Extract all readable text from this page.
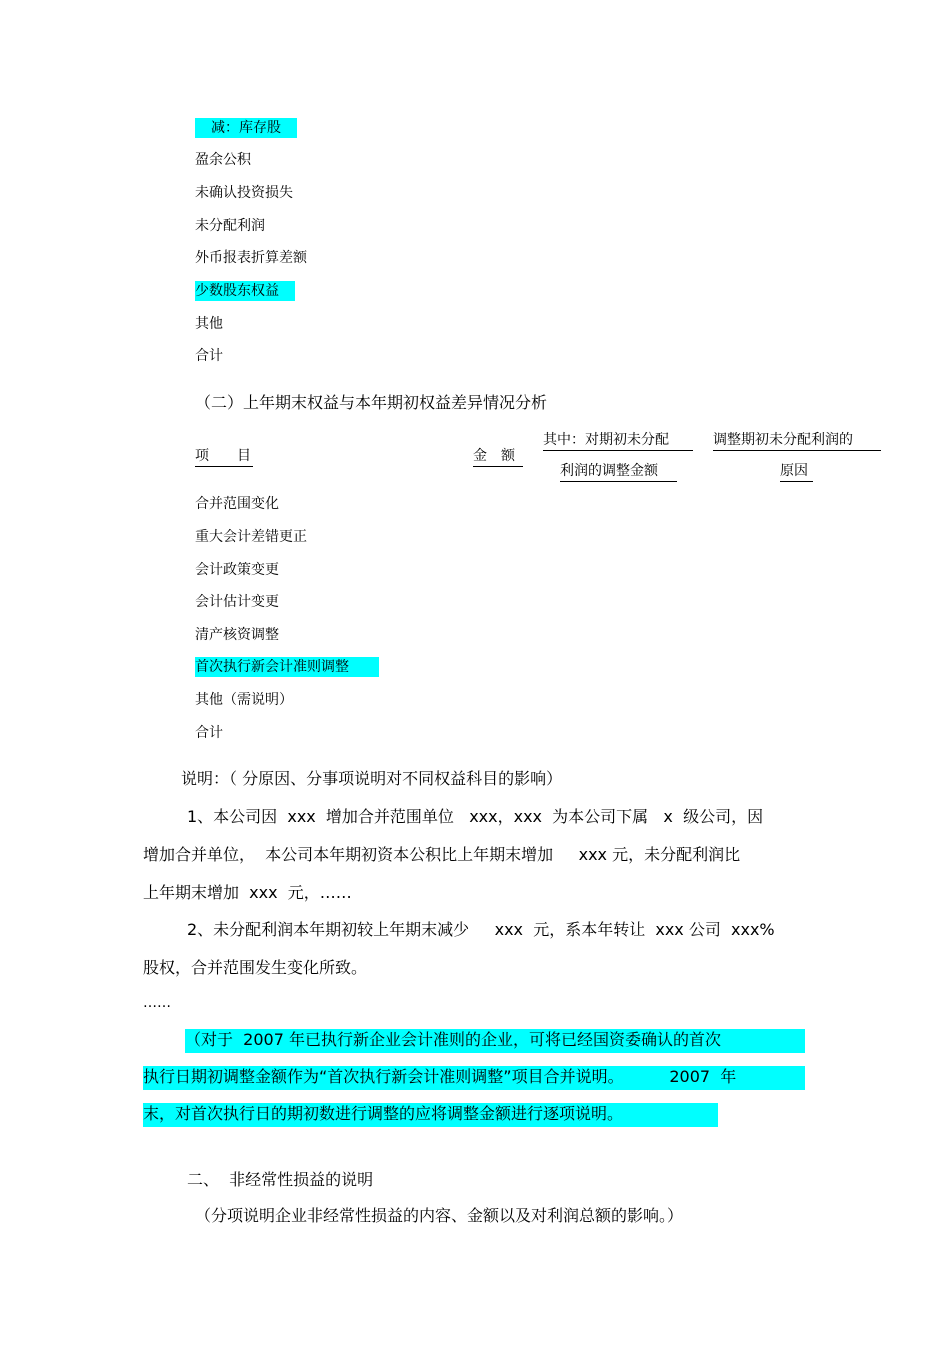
减：库存股
盈余公积
未确认投资损失
未分配利润
外币报表折算差额
少数股东权益
其他
合计
（二）上年期末权益与本年期初权益差异情况分析
项　　目	金　额
其中：对期初未分配
利润的调整金额
调整期初未分配利润的
原因
合并范围变化
重大会计差错更正
会计政策变更
会计估计变更
清产核资调整
首次执行新会计准则调整
其他（需说明）
合计
说明：（ 分原因、分事项说明对不同权益科目的影响）
1、本公司因  xxx  增加合并范围单位   xxx，xxx  为本公司下属   x  级公司，因
增加合并单位，  本公司本年期初资本公积比上年期末增加     xxx 元，未分配利润比
上年期末增加  xxx  元，……
2、未分配利润本年期初较上年期末减少     xxx  元，系本年转让  xxx 公司  xxx%
股权，合并范围发生变化所致。
……
（对于  2007 年已执行新企业会计准则的企业，可将已经国资委确认的首次
执行日期初调整金额作为“首次执行新会计准则调整”项目合并说明。         2007  年
末，对首次执行日的期初数进行调整的应将调整金额进行逐项说明。
二、  非经常性损益的说明
（分项说明企业非经常性损益的内容、金额以及对利润总额的影响。）
